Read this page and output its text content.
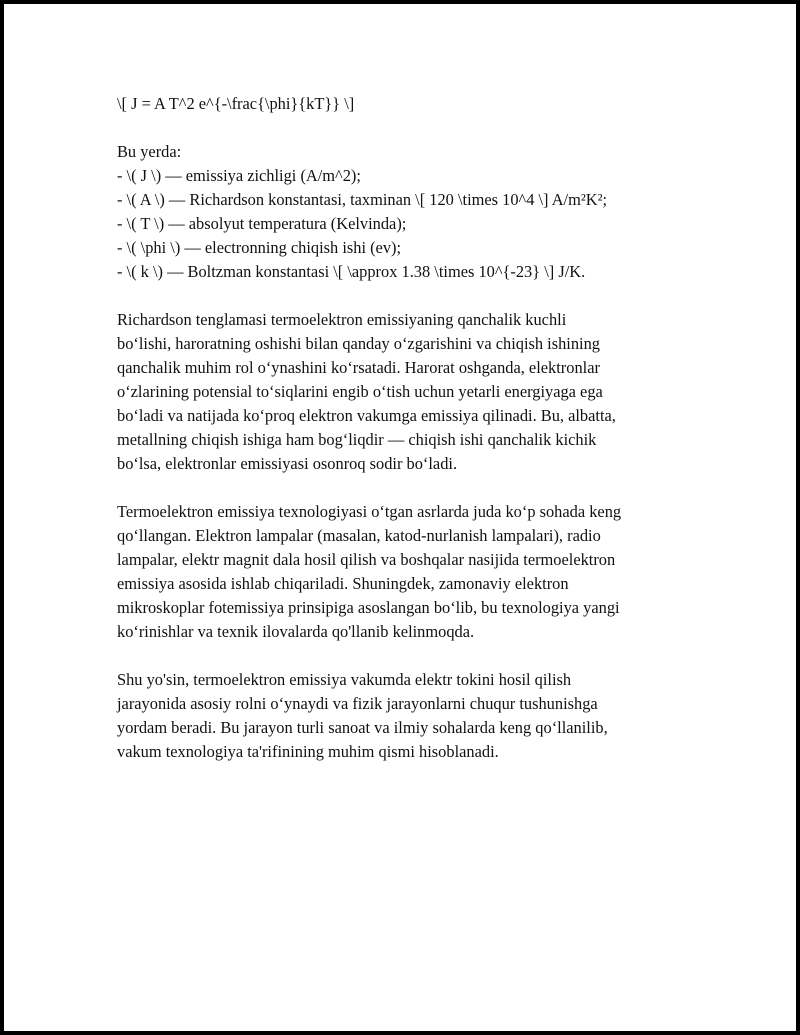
\[ J = A T^2 e^{-\frac{\phi}{kT}} \]
Bu yerda:
- \( J \) — emissiya zichligi (A/m^2);
- \( A \) — Richardson konstantasi, taxminan \[ 120 \times 10^4 \] A/m²K²;
- \( T \) — absolyut temperatura (Kelvinda);
- \( \phi \) — electronning chiqish ishi (ev);
- \( k \) — Boltzman konstantasi \[ \approx 1.38 \times 10^{-23} \] J/K.
Richardson tenglamasi termoelektron emissiyaning qanchalik kuchli
bo‘lishi, haroratning oshishi bilan qanday o‘zgarishini va chiqish ishining
qanchalik muhim rol o‘ynashini ko‘rsatadi. Harorat oshganda, elektronlar
o‘zlarining potensial to‘siqlarini engib o‘tish uchun yetarli energiyaga ega
bo‘ladi va natijada ko‘proq elektron vakumga emissiya qilinadi. Bu, albatta,
metallning chiqish ishiga ham bog‘liqdir — chiqish ishi qanchalik kichik
bo‘lsa, elektronlar emissiyasi osonroq sodir bo‘ladi.
Termoelektron emissiya texnologiyasi o‘tgan asrlarda juda ko‘p sohada keng
qo‘llangan. Elektron lampalar (masalan, katod-nurlanish lampalari), radio
lampalar, elektr magnit dala hosil qilish va boshqalar nasijida termoelektron
emissiya asosida ishlab chiqariladi. Shuningdek, zamonaviy elektron
mikroskoplar fotemissiya prinsipiga asoslangan bo‘lib, bu texnologiya yangi
ko‘rinishlar va texnik ilovalarda qo'llanib kelinmoqda.
Shu yo'sin, termoelektron emissiya vakumda elektr tokini hosil qilish
jarayonida asosiy rolni o‘ynaydi va fizik jarayonlarni chuqur tushunishga
yordam beradi. Bu jarayon turli sanoat va ilmiy sohalarda keng qo‘llanilib,
vakum texnologiya ta'rifinining muhim qismi hisoblanadi.
